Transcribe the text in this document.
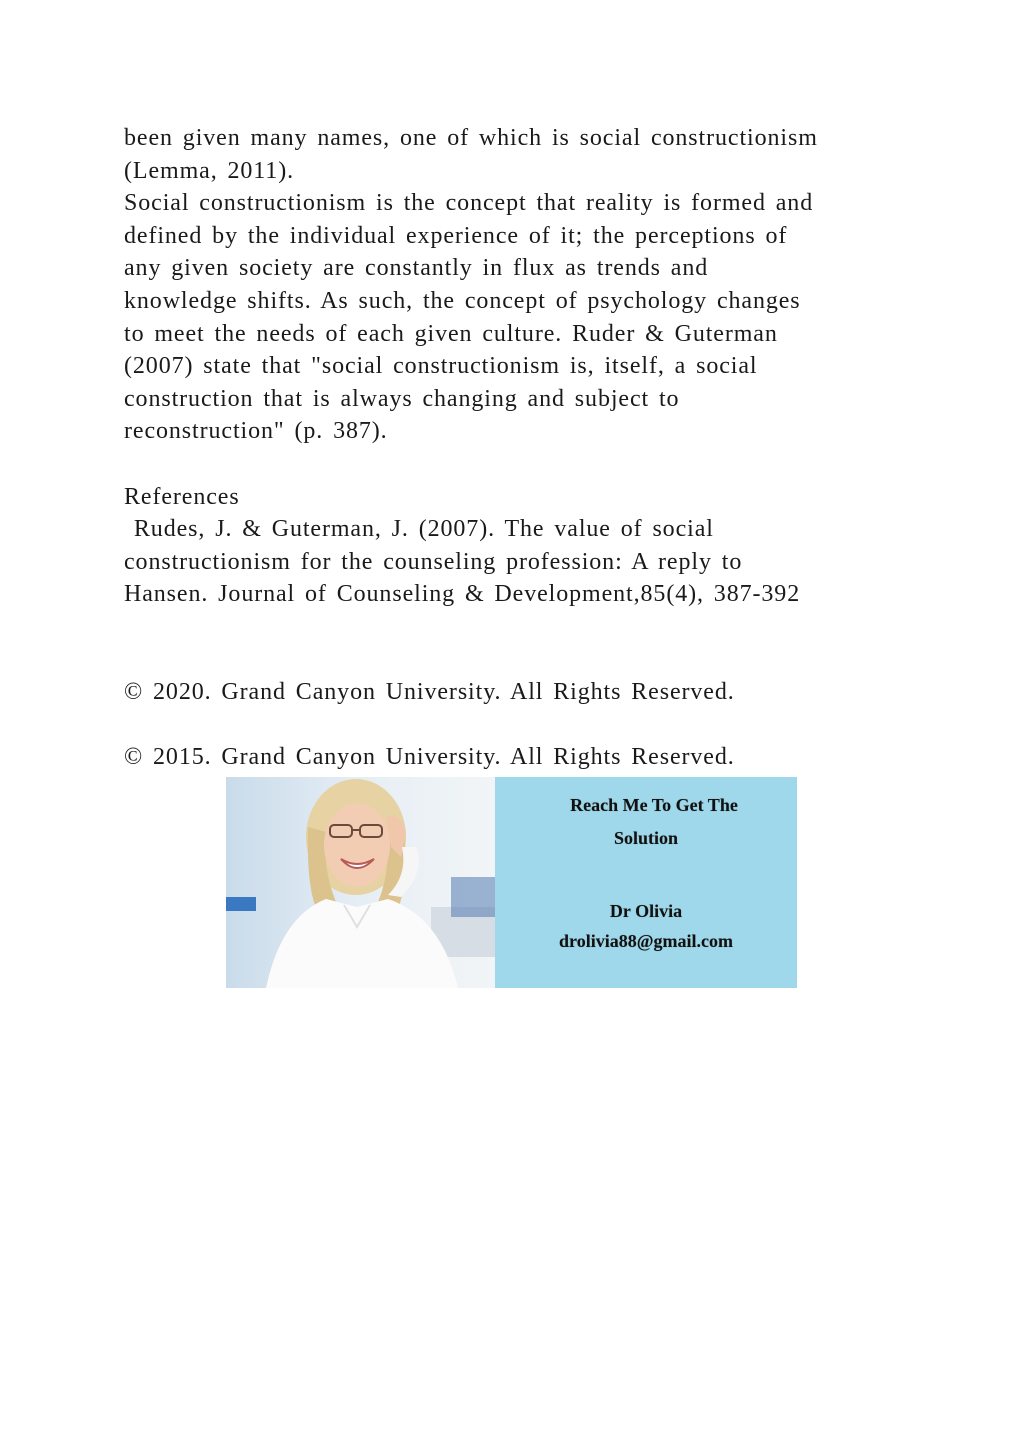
been given many names, one of which is social constructionism
(Lemma, 2011).
Social constructionism is the concept that reality is formed and
defined by the individual experience of it; the perceptions of
any given society are constantly in flux as trends and
knowledge shifts. As such, the concept of psychology changes
to meet the needs of each given culture. Ruder & Guterman
(2007) state that "social constructionism is, itself, a social
construction that is always changing and subject to
reconstruction" (p. 387).
References
Rudes, J. & Guterman, J. (2007). The value of social
constructionism for the counseling profession: A reply to
Hansen. Journal of Counseling & Development,85(4), 387-392
© 2020. Grand Canyon University. All Rights Reserved.
© 2015. Grand Canyon University. All Rights Reserved.
Reach Me To Get The
Solution
Dr Olivia
drolivia88@gmail.com
